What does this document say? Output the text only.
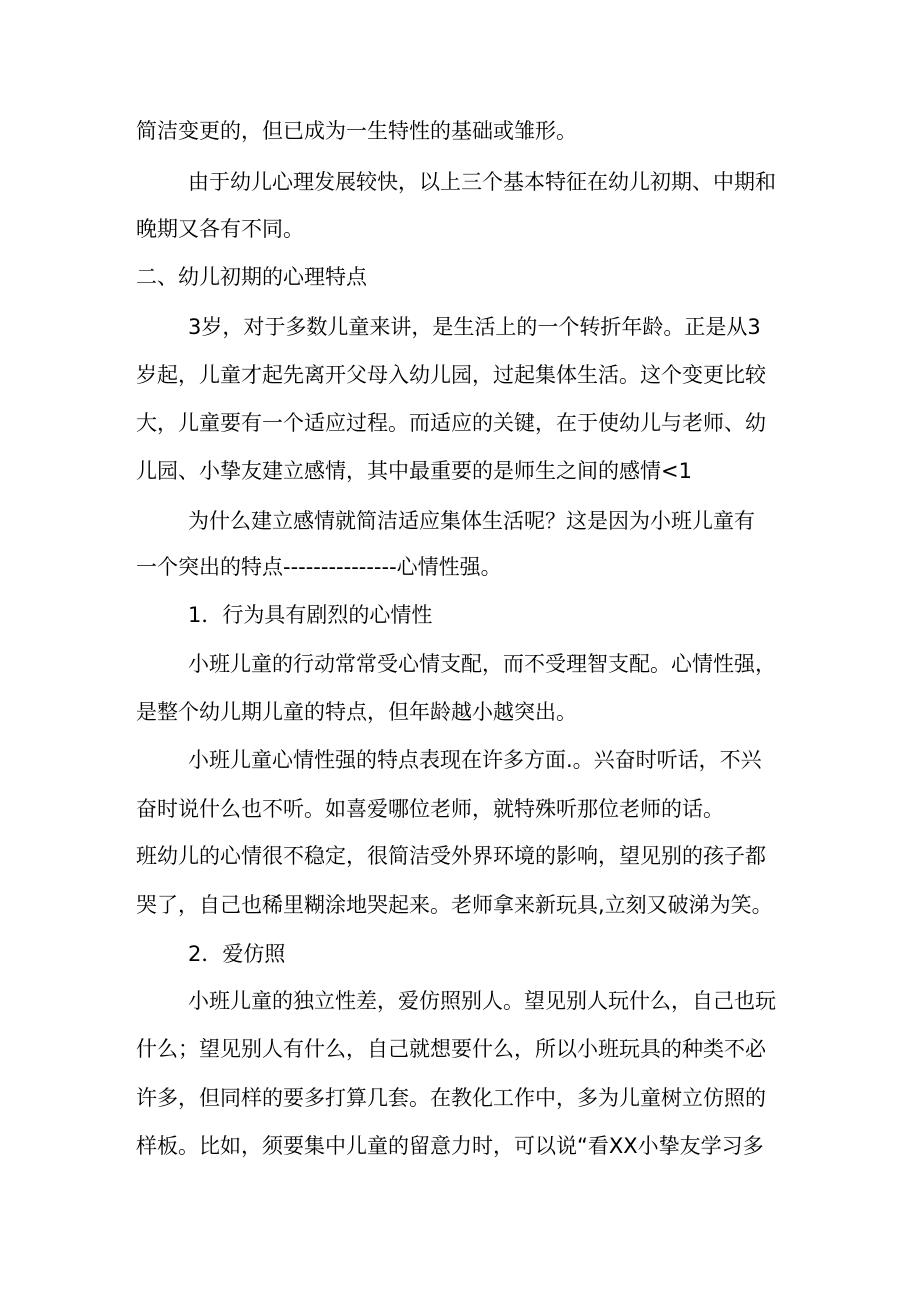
简洁变更的，但已成为一生特性的基础或雏形。
由于幼儿心理发展较快，以上三个基本特征在幼儿初期、中期和
晚期又各有不同。
二、幼儿初期的心理特点
3岁，对于多数儿童来讲，是生活上的一个转折年龄。正是从3
岁起，儿童才起先离开父母入幼儿园，过起集体生活。这个变更比较
大，儿童要有一个适应过程。而适应的关键，在于使幼儿与老师、幼
儿园、小挚友建立感情，其中最重要的是师生之间的感情<1
为什么建立感情就简洁适应集体生活呢？这是因为小班儿童有
一个突出的特点---------------心情性强。
1．行为具有剧烈的心情性
小班儿童的行动常常受心情支配，而不受理智支配。心情性强，
是整个幼儿期儿童的特点，但年龄越小越突出。
小班儿童心情性强的特点表现在许多方面.。兴奋时听话，不兴
奋时说什么也不听。如喜爱哪位老师，就特殊听那位老师的话。
班幼儿的心情很不稳定，很简洁受外界环境的影响，望见别的孩子都
哭了，自己也稀里糊涂地哭起来。老师拿来新玩具,立刻又破涕为笑。
2．爱仿照
小班儿童的独立性差，爱仿照别人。望见别人玩什么，自己也玩
什么；望见别人有什么，自己就想要什么，所以小班玩具的种类不必
许多，但同样的要多打算几套。在教化工作中，多为儿童树立仿照的
样板。比如，须要集中儿童的留意力时，可以说“看XX小挚友学习多
